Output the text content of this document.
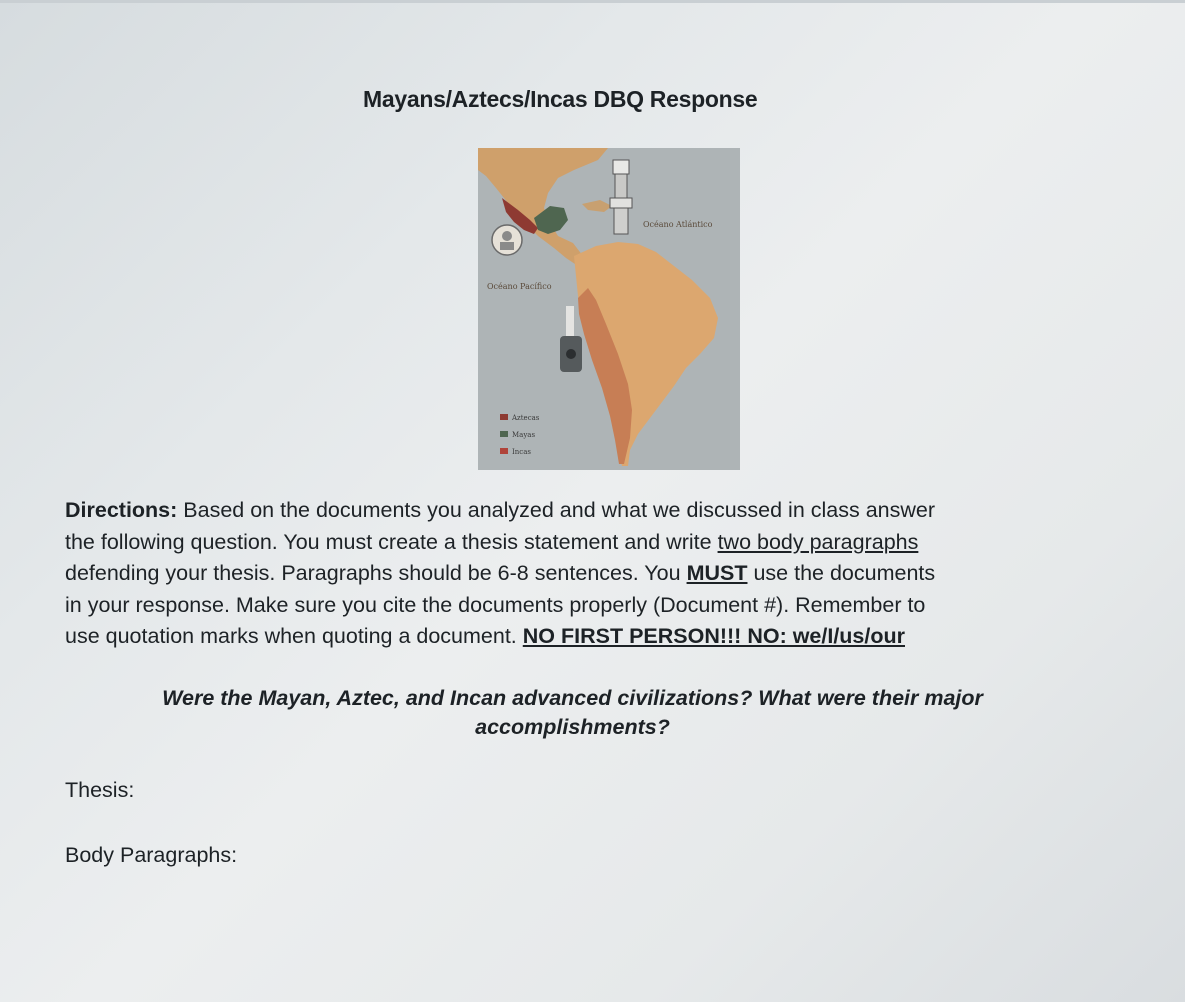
Mayans/Aztecs/Incas DBQ Response
Océano Atlántico
Océano Pacífico
Aztecas
Mayas
Incas
Directions: Based on the documents you analyzed and what we discussed in class answer
the following question. You must create a thesis statement and write two body paragraphs
defending your thesis. Paragraphs should be 6-8 sentences. You MUST use the documents
in your response. Make sure you cite the documents properly (Document #). Remember to
use quotation marks when quoting a document. NO FIRST PERSON!!! NO: we/I/us/our
Were the Mayan, Aztec, and Incan advanced civilizations? What were their major accomplishments?
Thesis:
Body Paragraphs:
